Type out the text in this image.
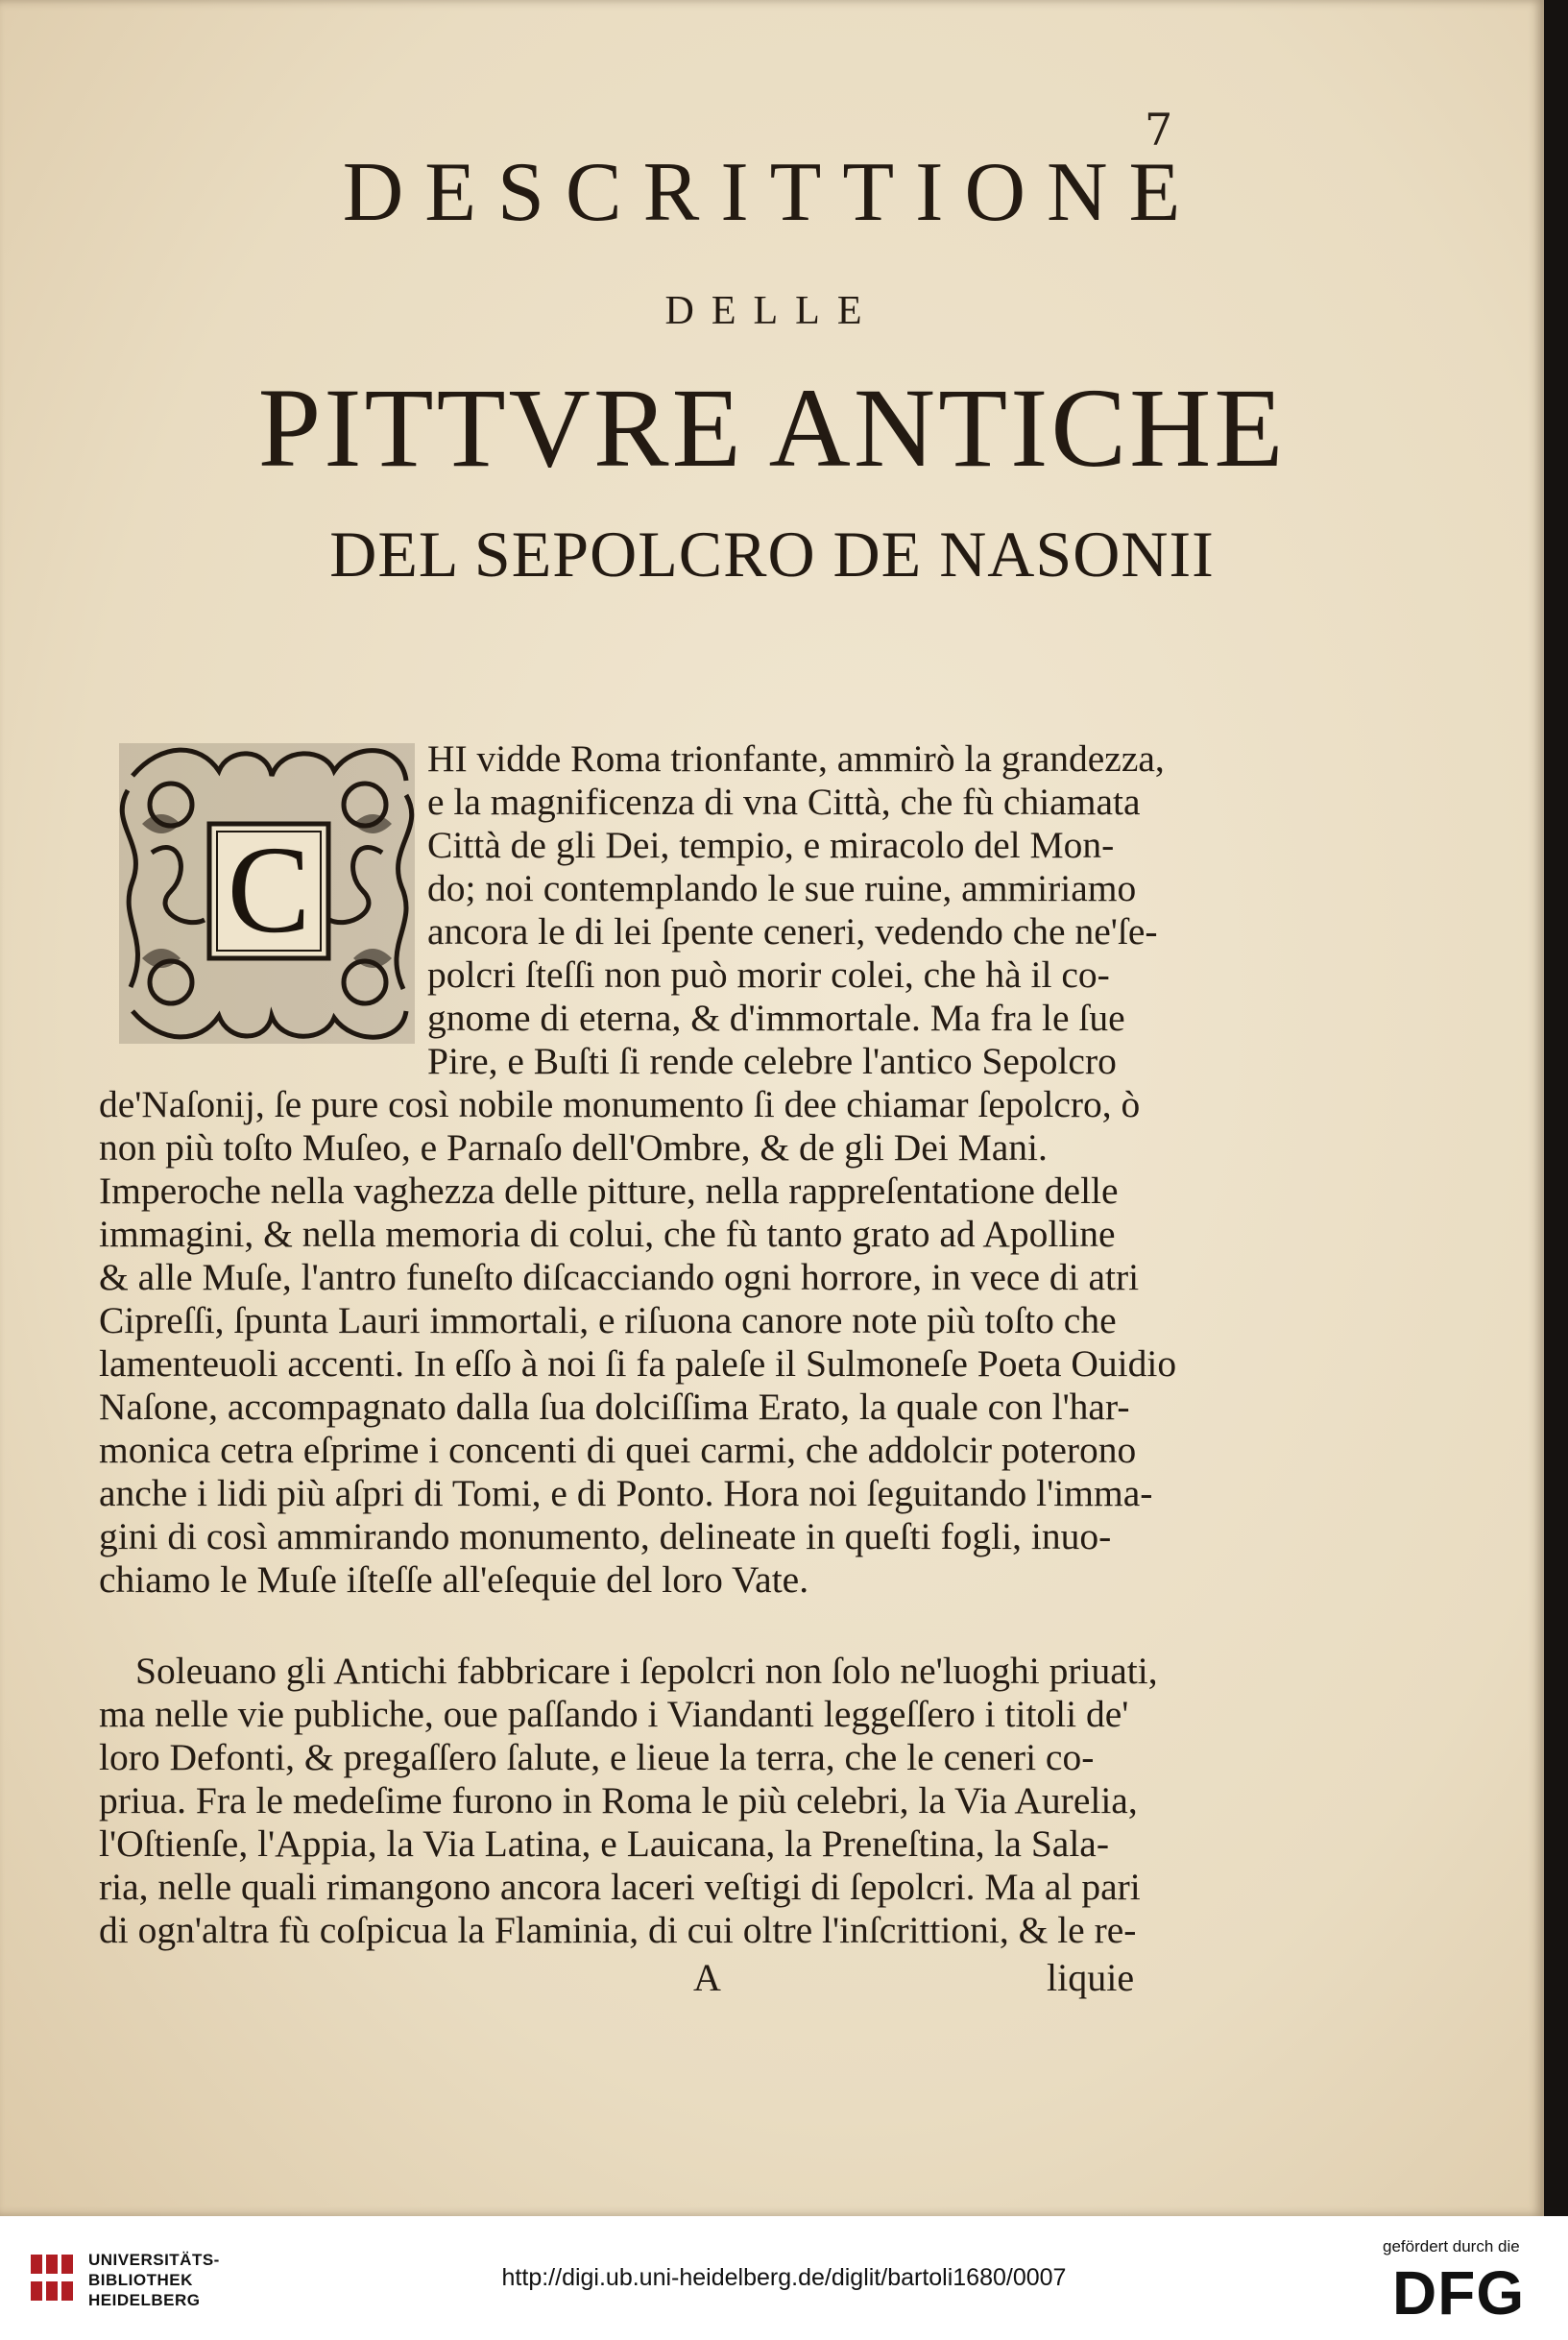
7
DESCRITTIONE
DELLE
PITTVRE ANTICHE
DEL SEPOLCRO DE NASONII
C
HI vidde Roma trionfante, ammirò la grandezza,
e la magnificenza di vna Città, che fù chiamata
Città de gli Dei, tempio, e miracolo del Mon-
do; noi contemplando le sue ruine, ammiriamo
ancora le di lei ſpente ceneri, vedendo che ne'ſe-
polcri ſteſſi non può morir colei, che hà il co-
gnome di eterna, & d'immortale. Ma fra le ſue
Pire, e Buſti ſi rende celebre l'antico Sepolcro
de'Naſonij, ſe pure così nobile monumento ſi dee chiamar ſepolcro, ò
non più toſto Muſeo, e Parnaſo dell'Ombre, & de gli Dei Mani.
Imperoche nella vaghezza delle pitture, nella rappreſentatione delle
immagini, & nella memoria di colui, che fù tanto grato ad Apolline
& alle Muſe, l'antro funeſto diſcacciando ogni horrore, in vece di atri
Cipreſſi, ſpunta Lauri immortali, e riſuona canore note più toſto che
lamenteuoli accenti. In eſſo à noi ſi fa paleſe il Sulmoneſe Poeta Ouidio
Naſone, accompagnato dalla ſua dolciſſima Erato, la quale con l'har-
monica cetra eſprime i concenti di quei carmi, che addolcir poterono
anche i lidi più aſpri di Tomi, e di Ponto. Hora noi ſeguitando l'imma-
gini di così ammirando monumento, delineate in queſti fogli, inuo-
chiamo le Muſe iſteſſe all'eſequie del loro Vate.
Soleuano gli Antichi fabbricare i ſepolcri non ſolo ne'luoghi priuati,
ma nelle vie publiche, oue paſſando i Viandanti leggeſſero i titoli de'
loro Defonti, & pregaſſero ſalute, e lieue la terra, che le ceneri co-
priua. Fra le medeſime furono in Roma le più celebri, la Via Aurelia,
l'Oſtienſe, l'Appia, la Via Latina, e Lauicana, la Preneſtina, la Sala-
ria, nelle quali rimangono ancora laceri veſtigi di ſepolcri. Ma al pari
di ogn'altra fù coſpicua la Flaminia, di cui oltre l'inſcrittioni, & le re-
A	liquie
UNIVERSITÄTS-
BIBLIOTHEK
HEIDELBERG
http://digi.ub.uni-heidelberg.de/diglit/bartoli1680/0007
gefördert durch die
DFG
